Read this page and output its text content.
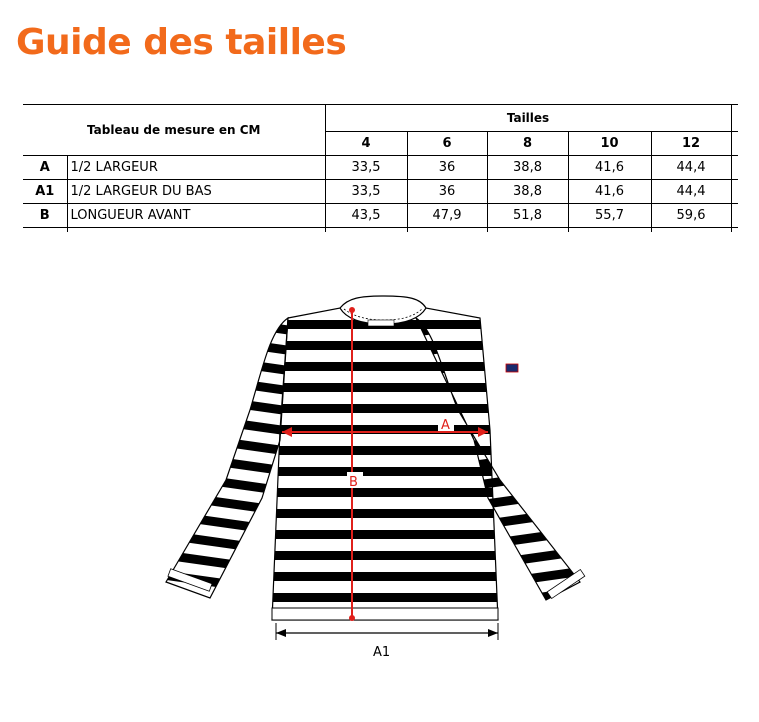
Guide des tailles
Tableau de mesure en CM		Tailles					
		4	6	8	10	12	
A	1/2 LARGEUR	33,5	36	38,8	41,6	44,4	
A1	1/2 LARGEUR DU BAS	33,5	36	38,8	41,6	44,4	
B	LONGUEUR AVANT	43,5	47,9	51,8	55,7	59,6	

A
B
A1
